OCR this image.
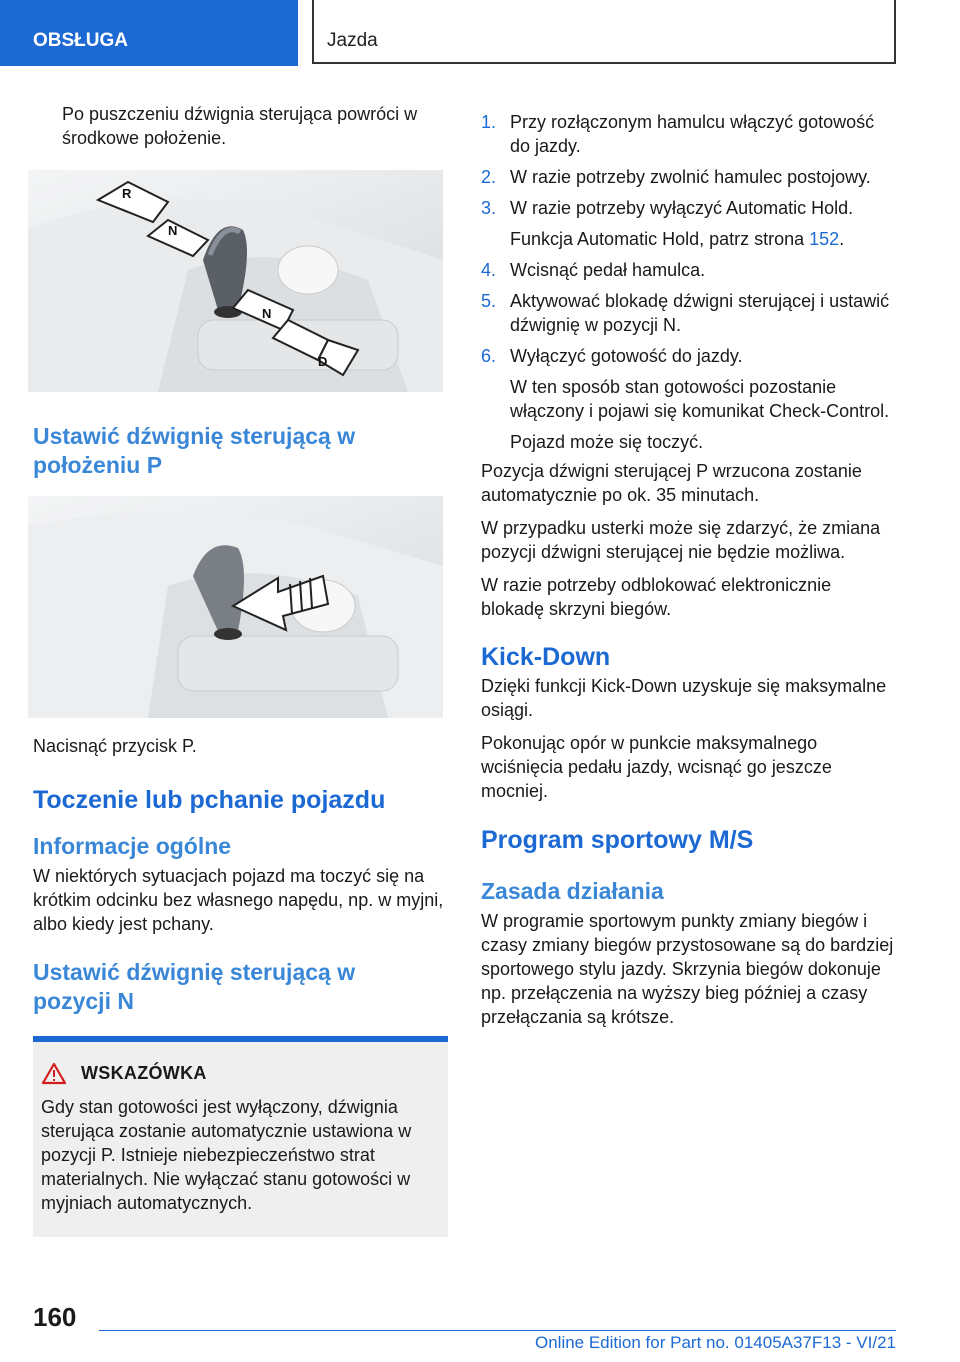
OBSŁUGA	Jazda

Po puszczeniu dźwignia sterująca powróci w środkowe położenie.

R
N
N
D
Ustawić dźwignię sterującą w położeniu P

Nacisnąć przycisk P.

Toczenie lub pchanie pojazdu
Informacje ogólne

W niektórych sytuacjach pojazd ma toczyć się na krótkim odcinku bez własnego napędu, np. w myjni, albo kiedy jest pchany.

Ustawić dźwignię sterującą w pozycji N
WSKAZÓWKA

Gdy stan gotowości jest wyłączony, dźwignia sterująca zostanie automatycznie ustawiona w pozycji P. Istnieje niebezpieczeństwo strat materialnych. Nie wyłączać stanu gotowości w myjniach automatycznych.

1. Przy rozłączonym hamulcu włączyć gotowość do jazdy.
2. W razie potrzeby zwolnić hamulec postojowy.
3. W razie potrzeby wyłączyć Automatic Hold.
Funkcja Automatic Hold, patrz strona 152.
4. Wcisnąć pedał hamulca.
5. Aktywować blokadę dźwigni sterującej i ustawić dźwignię w pozycji N.
6. Wyłączyć gotowość do jazdy.
W ten sposób stan gotowości pozostanie włączony i pojawi się komunikat Check-Control.
Pojazd może się toczyć.

Pozycja dźwigni sterującej P wrzucona zostanie automatycznie po ok. 35 minutach.

W przypadku usterki może się zdarzyć, że zmiana pozycji dźwigni sterującej nie będzie możliwa.

W razie potrzeby odblokować elektronicznie blokadę skrzyni biegów.

Kick-Down

Dzięki funkcji Kick-Down uzyskuje się maksymalne osiągi.

Pokonując opór w punkcie maksymalnego wciśnięcia pedału jazdy, wcisnąć go jeszcze mocniej.

Program sportowy M/S
Zasada działania

W programie sportowym punkty zmiany biegów i czasy zmiany biegów przystosowane są do bardziej sportowego stylu jazdy. Skrzynia biegów dokonuje np. przełączenia na wyższy bieg później a czasy przełączania są krótsze.

160
Online Edition for Part no. 01405A37F13 - VI/21
